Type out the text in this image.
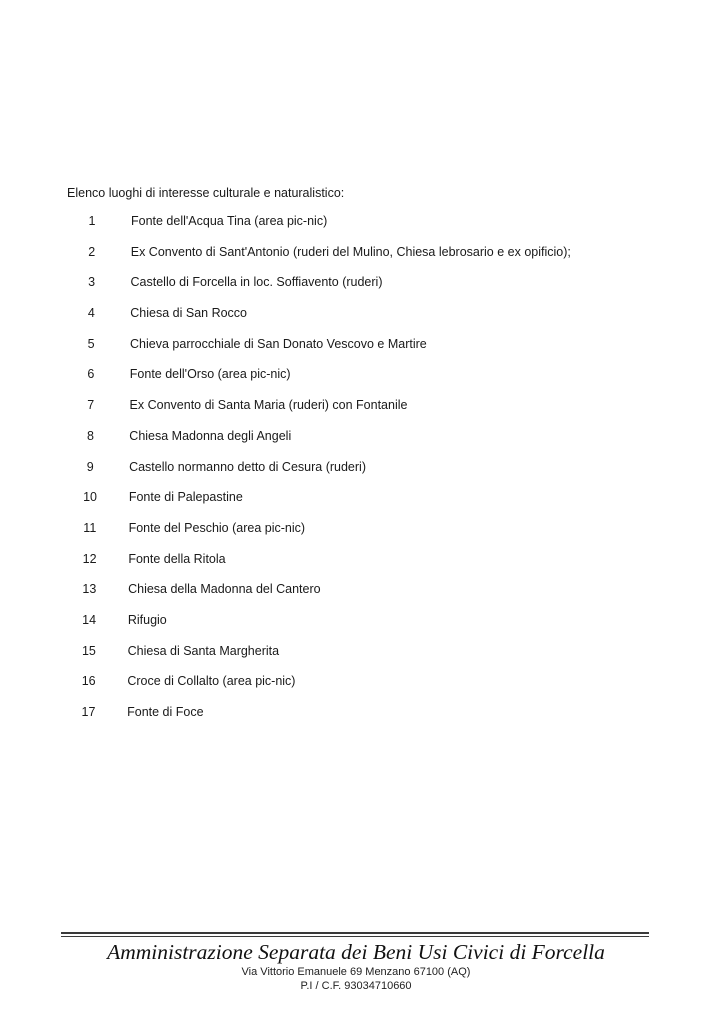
Elenco luoghi di interesse culturale e naturalistico:
1	Fonte dell'Acqua Tina (area pic-nic)
2	Ex Convento di Sant'Antonio (ruderi del Mulino, Chiesa lebrosario e ex opificio);
3	Castello di Forcella in loc. Soffiavento (ruderi)
4	Chiesa di San Rocco
5	Chieva parrocchiale di San Donato Vescovo e Martire
6	Fonte dell'Orso (area pic-nic)
7	Ex Convento di Santa Maria (ruderi) con Fontanile
8	Chiesa Madonna degli Angeli
9	Castello normanno detto di Cesura (ruderi)
10	Fonte di Palepastine
11	Fonte del Peschio (area pic-nic)
12	Fonte della Ritola
13	Chiesa della Madonna del Cantero
14	Rifugio
15	Chiesa di Santa Margherita
16	Croce di Collalto (area pic-nic)
17	Fonte di Foce
Amministrazione Separata dei Beni Usi Civici di Forcella
Via Vittorio Emanuele 69 Menzano 67100 (AQ)
P.I / C.F. 93034710660
